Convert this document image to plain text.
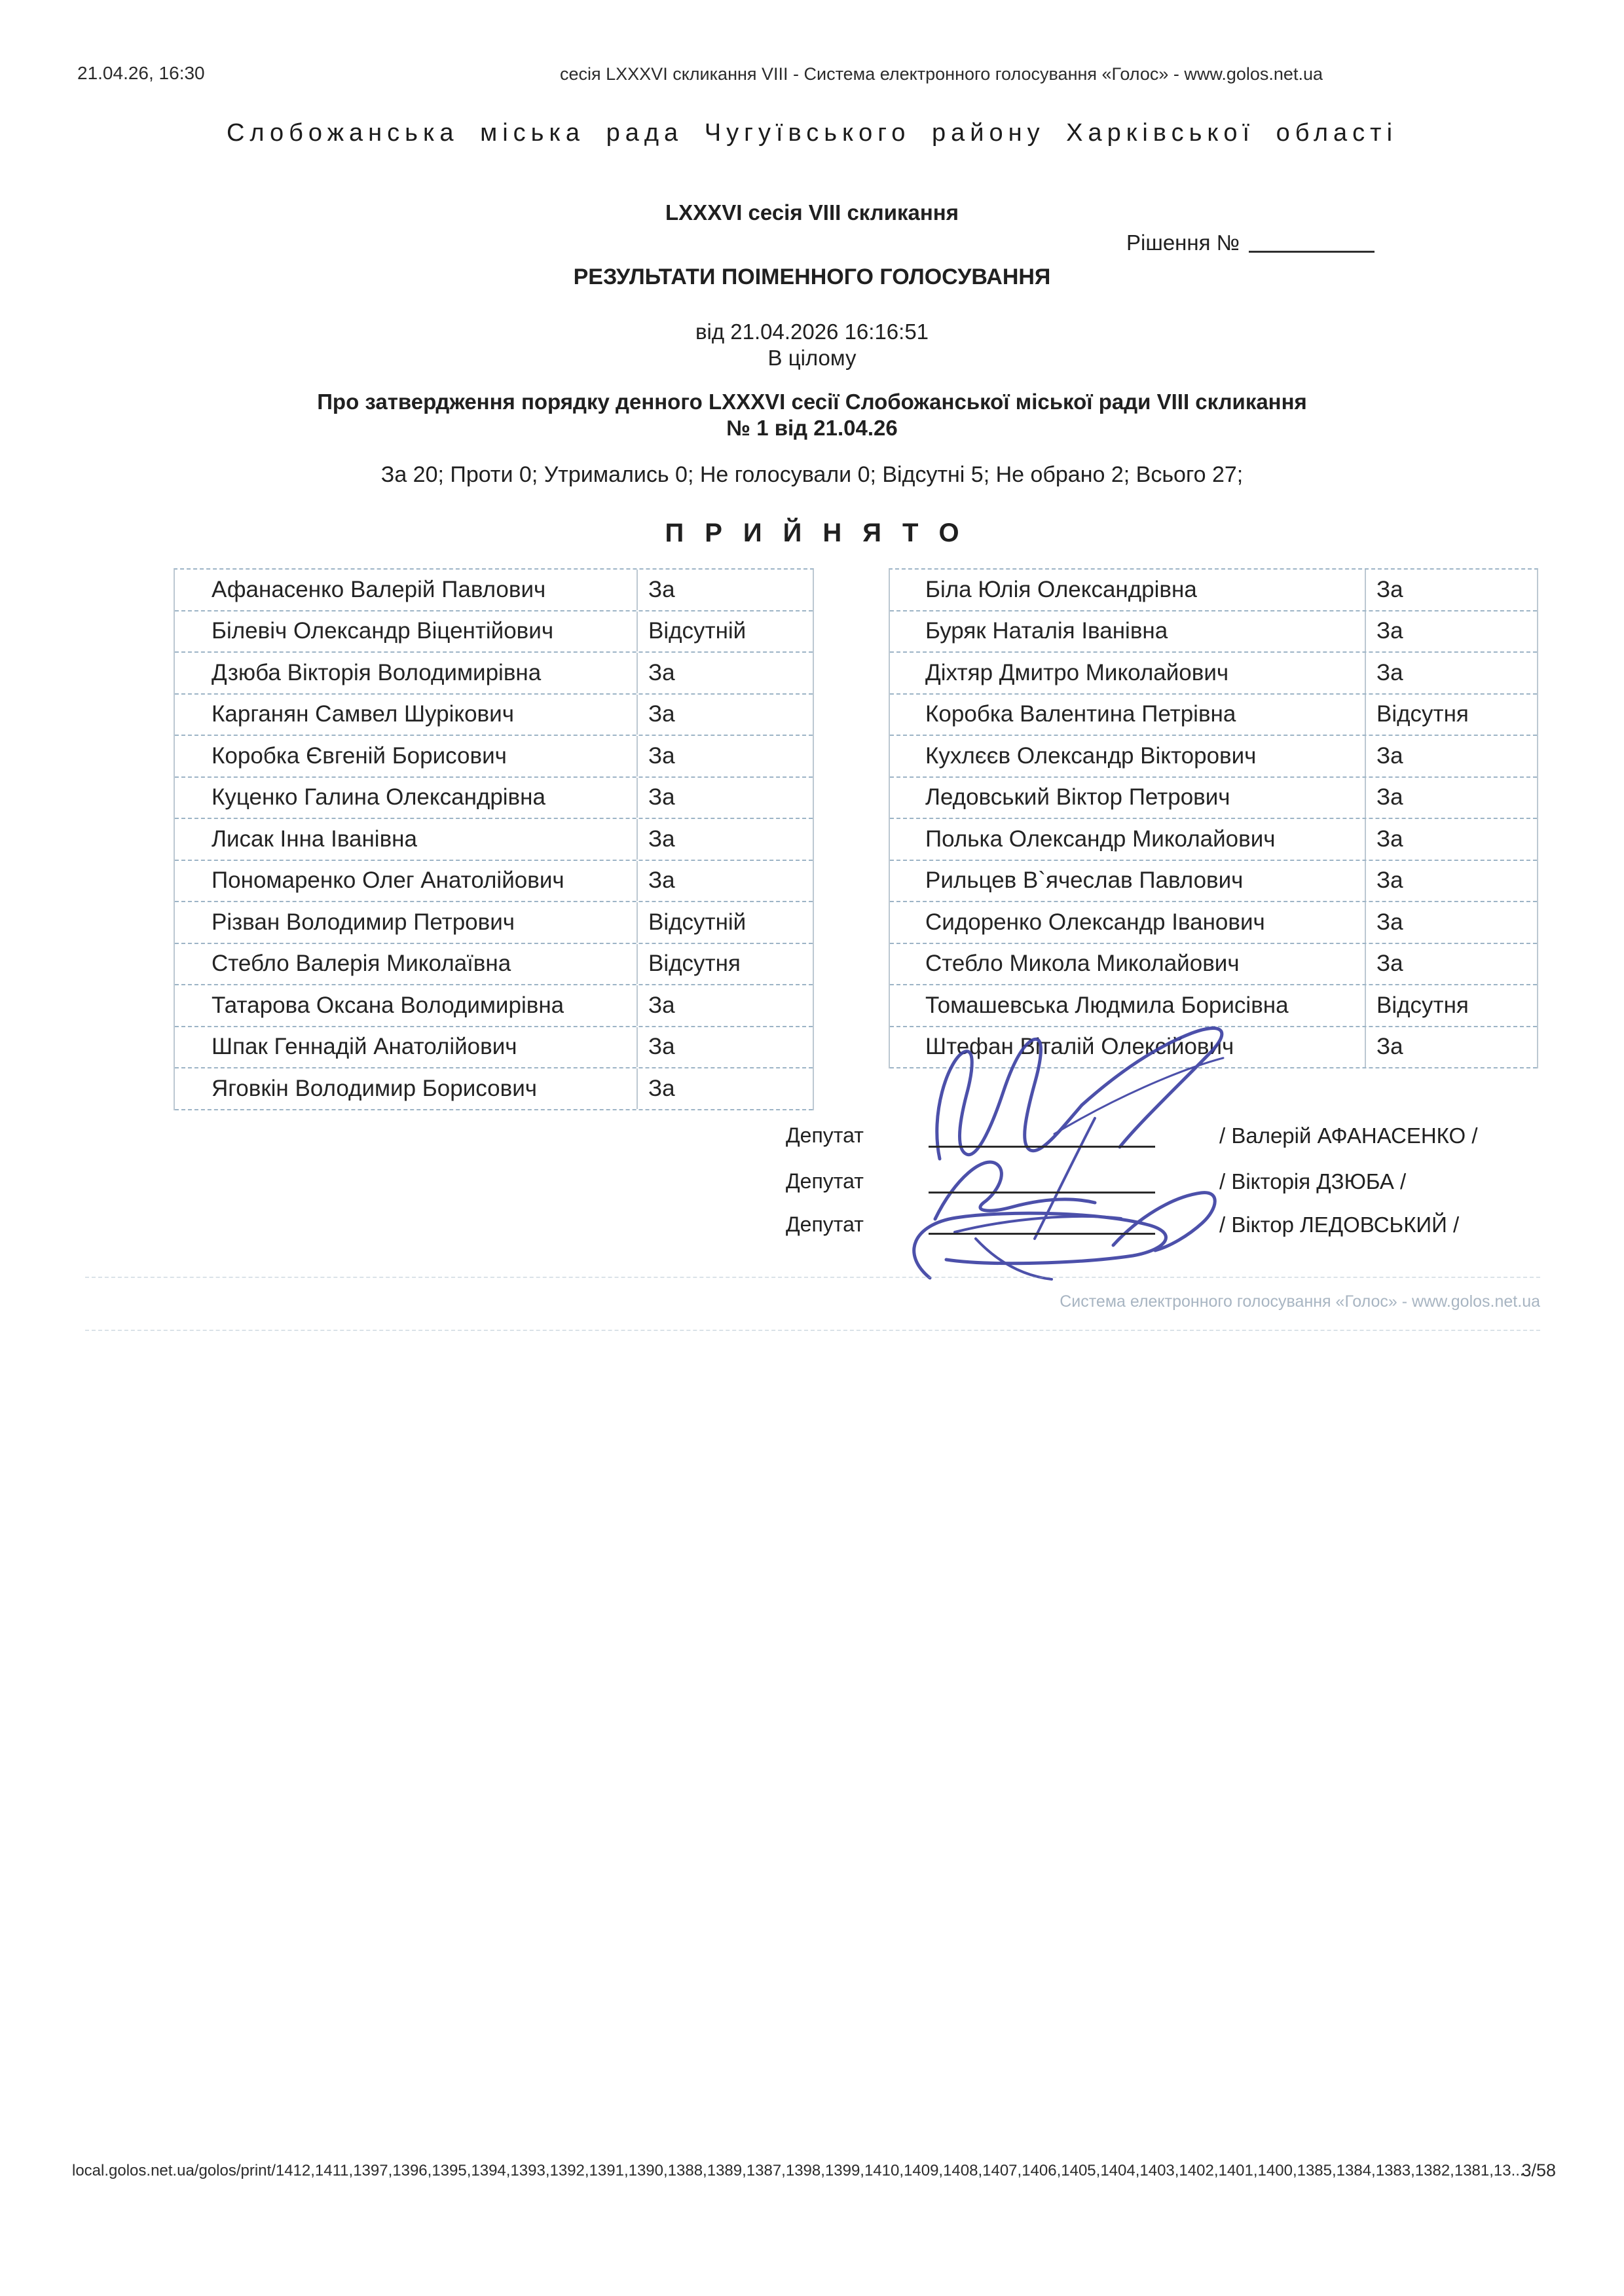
21.04.26, 16:30	сесія LXXXVI скликання VIII - Система електронного голосування «Голос» - www.golos.net.ua
Слобожанська міська рада Чугуївського району Харківської області
LXXXVI сесія VIII скликання
Рішення №
РЕЗУЛЬТАТИ ПОІМЕННОГО ГОЛОСУВАННЯ
від 21.04.2026 16:16:51
В цілому
Про затвердження порядку денного LXXXVI сесії Слобожанської міської ради VIII скликання
№ 1 від 21.04.26
За 20; Проти 0; Утримались 0; Не голосували 0; Відсутні 5; Не обрано 2; Всього 27;
ПРИЙНЯТО
Афанасенко Валерій Павлович	За
Білевіч Олександр Віцентійович	Відсутній
Дзюба Вікторія Володимирівна	За
Карганян Самвел Шурікович	За
Коробка Євгеній Борисович	За
Куценко Галина Олександрівна	За
Лисак Інна Іванівна	За
Пономаренко Олег Анатолійович	За
Різван Володимир Петрович	Відсутній
Стебло Валерія Миколаївна	Відсутня
Татарова Оксана Володимирівна	За
Шпак Геннадій Анатолійович	За
Яговкін Володимир Борисович	За
Біла Юлія Олександрівна	За
Буряк Наталія Іванівна	За
Діхтяр Дмитро Миколайович	За
Коробка Валентина Петрівна	Відсутня
Кухлєєв Олександр Вікторович	За
Ледовський Віктор Петрович	За
Полька Олександр Миколайович	За
Рильцев В`ячеслав Павлович	За
Сидоренко Олександр Іванович	За
Стебло Микола Миколайович	За
Томашевська Людмила Борисівна	Відсутня
Штефан Віталій Олексійович	За
Депутат	/ Валерій АФАНАСЕНКО /
Депутат	/ Вікторія ДЗЮБА /
Депутат	/ Віктор ЛЕДОВСЬКИЙ /
Система електронного голосування «Голос» - www.golos.net.ua
local.golos.net.ua/golos/print/1412,1411,1397,1396,1395,1394,1393,1392,1391,1390,1388,1389,1387,1398,1399,1410,1409,1408,1407,1406,1405,1404,1403,1402,1401,1400,1385,1384,1383,1382,1381,13...
3/58
